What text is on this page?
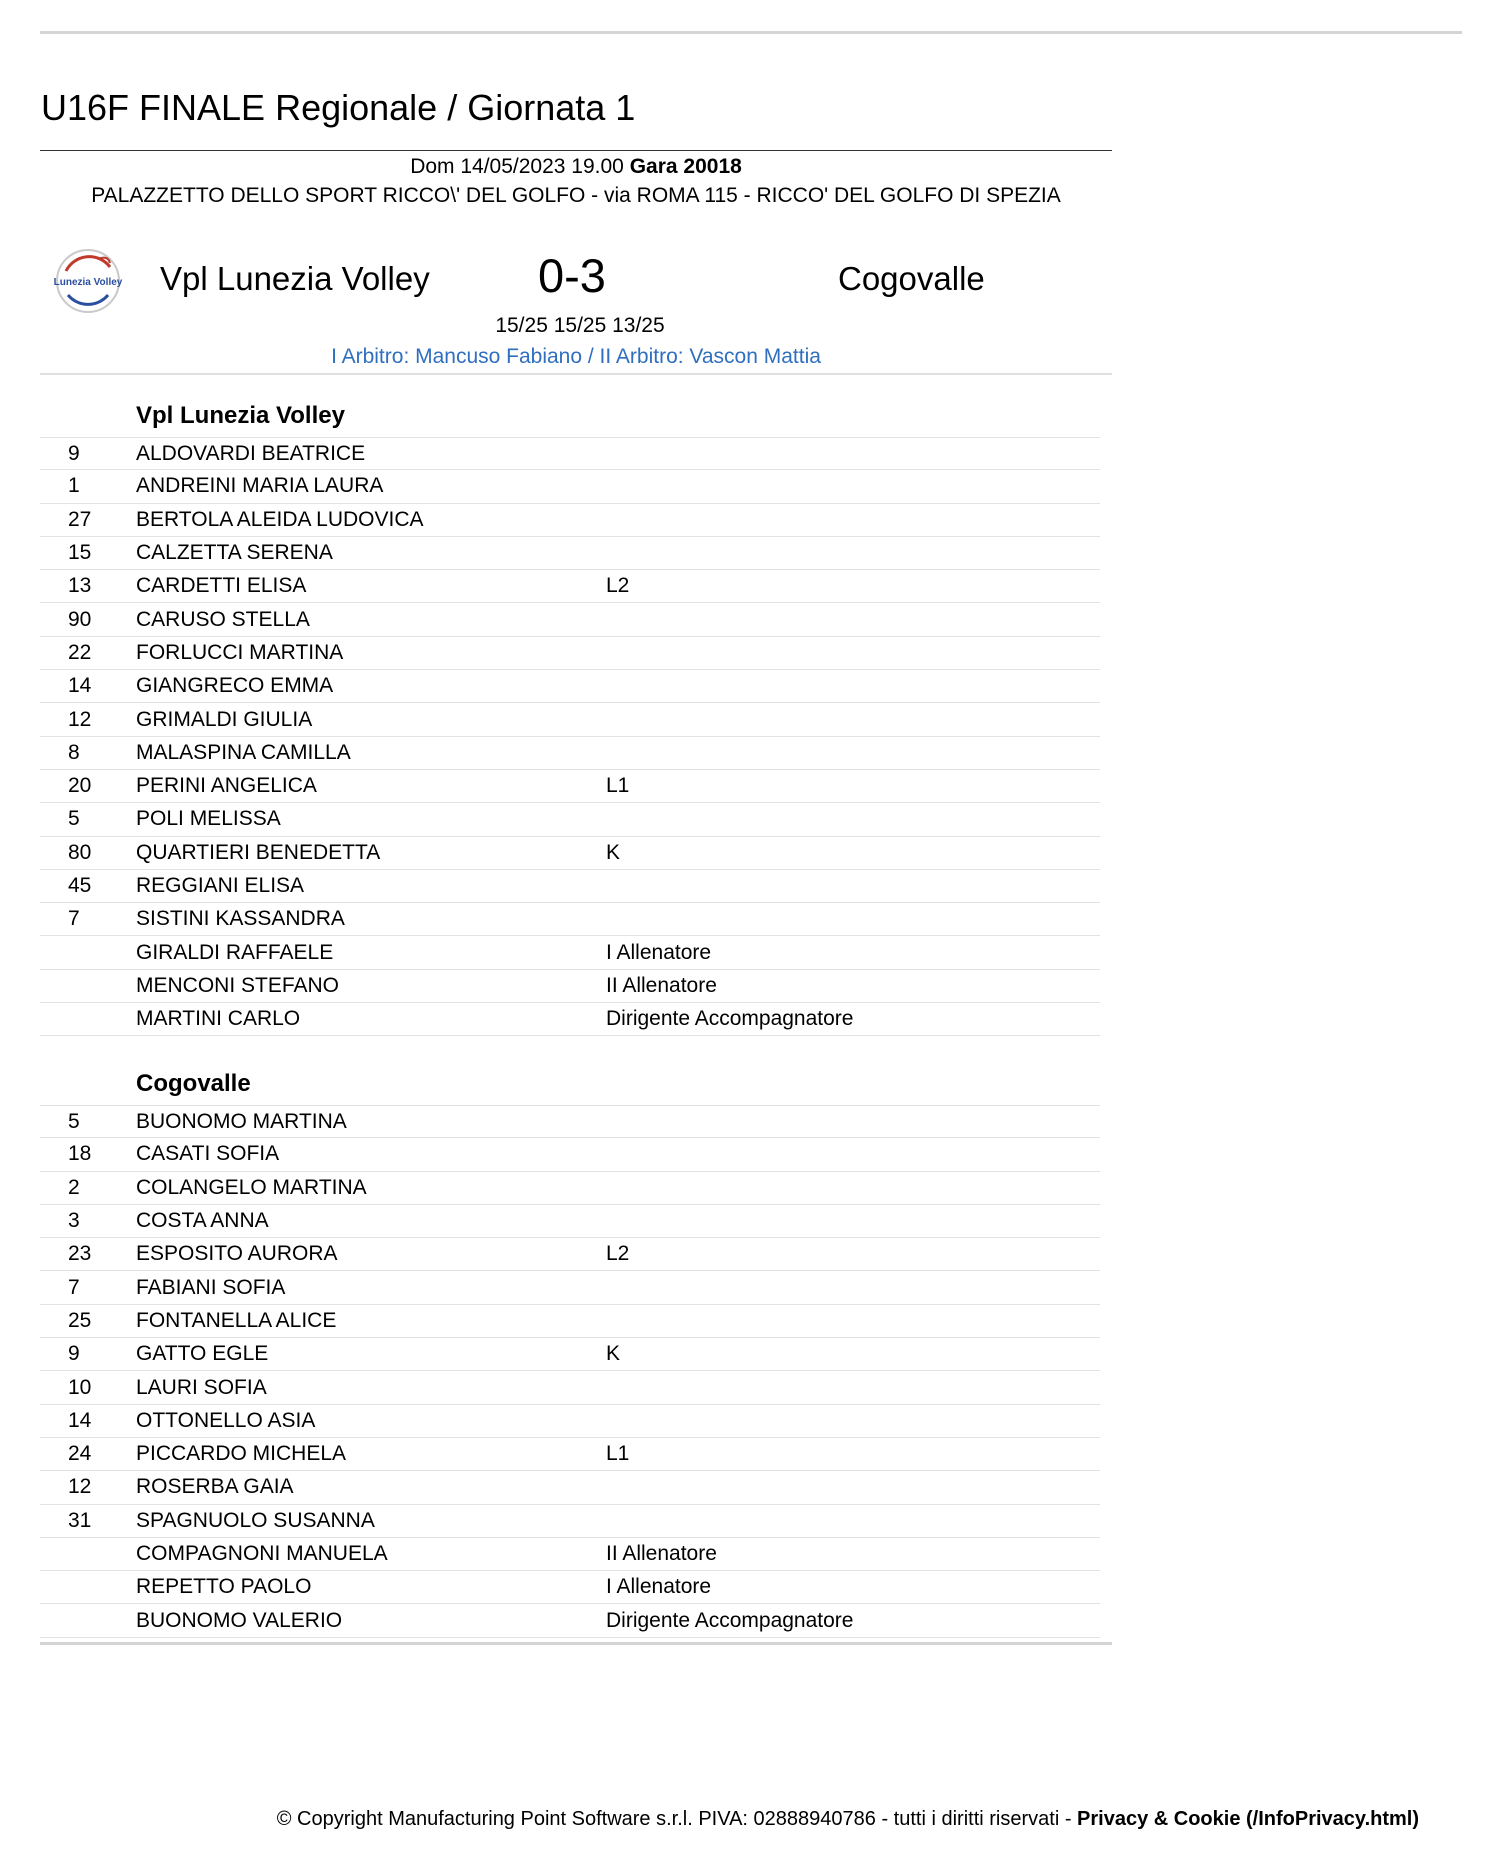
U16F FINALE Regionale / Giornata 1
Dom 14/05/2023 19.00 Gara 20018
PALAZZETTO DELLO SPORT RICCO\' DEL GOLFO - via ROMA 115 - RICCO' DEL GOLFO DI SPEZIA
Lunezia Volley Vpl Lunezia Volley 0-3	Cogovalle
15/25 15/25 13/25
I Arbitro: Mancuso Fabiano / II Arbitro: Vascon Mattia
Vpl Lunezia Volley
9	ALDOVARDI BEATRICE
1	ANDREINI MARIA LAURA
27	BERTOLA ALEIDA LUDOVICA
15	CALZETTA SERENA
13	CARDETTI ELISA	L2
90	CARUSO STELLA
22	FORLUCCI MARTINA
14	GIANGRECO EMMA
12	GRIMALDI GIULIA
8	MALASPINA CAMILLA
20	PERINI ANGELICA	L1
5	POLI MELISSA
80	QUARTIERI BENEDETTA	K
45	REGGIANI ELISA
7	SISTINI KASSANDRA
GIRALDI RAFFAELE	I Allenatore
MENCONI STEFANO	II Allenatore
MARTINI CARLO	Dirigente Accompagnatore
Cogovalle
5	BUONOMO MARTINA
18	CASATI SOFIA
2	COLANGELO MARTINA
3	COSTA ANNA
23	ESPOSITO AURORA	L2
7	FABIANI SOFIA
25	FONTANELLA ALICE
9	GATTO EGLE	K
10	LAURI SOFIA
14	OTTONELLO ASIA
24	PICCARDO MICHELA	L1
12	ROSERBA GAIA
31	SPAGNUOLO SUSANNA
COMPAGNONI MANUELA	II Allenatore
REPETTO PAOLO	I Allenatore
BUONOMO VALERIO	Dirigente Accompagnatore
© Copyright Manufacturing Point Software s.r.l. PIVA: 02888940786 - tutti i diritti riservati - Privacy & Cookie (/InfoPrivacy.html)
